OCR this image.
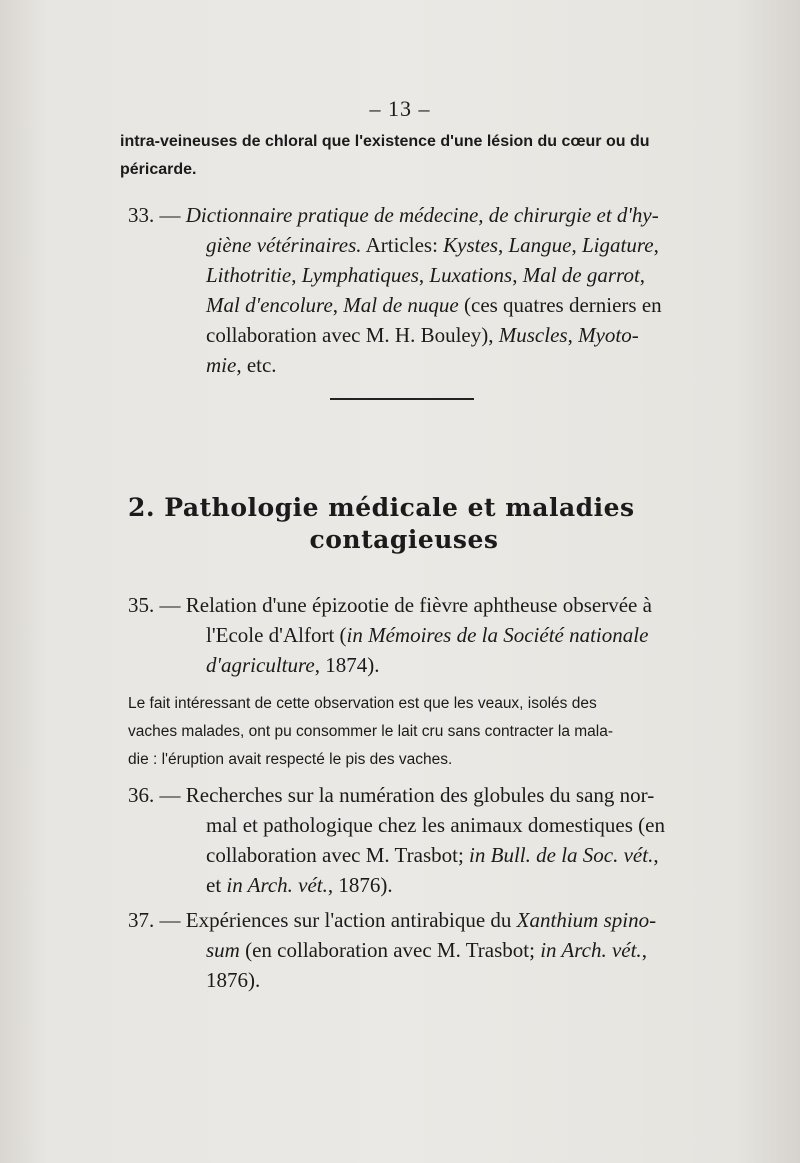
– 13 –
intra-veineuses de chloral que l'existence d'une lésion du cœur ou du
péricarde.
33. — Dictionnaire pratique de médecine, de chirurgie et d'hy-
giène vétérinaires. Articles: Kystes, Langue, Ligature,
Lithotritie, Lymphatiques, Luxations, Mal de garrot,
Mal d'encolure, Mal de nuque (ces quatres derniers en
collaboration avec M. H. Bouley), Muscles, Myoto-
mie, etc.
2. Pathologie médicale et maladies
contagieuses
35. — Relation d'une épizootie de fièvre aphtheuse observée à
l'Ecole d'Alfort (in Mémoires de la Société nationale
d'agriculture, 1874).
Le fait intéressant de cette observation est que les veaux, isolés des
vaches malades, ont pu consommer le lait cru sans contracter la mala-
die : l'éruption avait respecté le pis des vaches.
36. — Recherches sur la numération des globules du sang nor-
mal et pathologique chez les animaux domestiques (en
collaboration avec M. Trasbot; in Bull. de la Soc. vét.,
et in Arch. vét., 1876).
37. — Expériences sur l'action antirabique du Xanthium spino-
sum (en collaboration avec M. Trasbot; in Arch. vét.,
1876).
